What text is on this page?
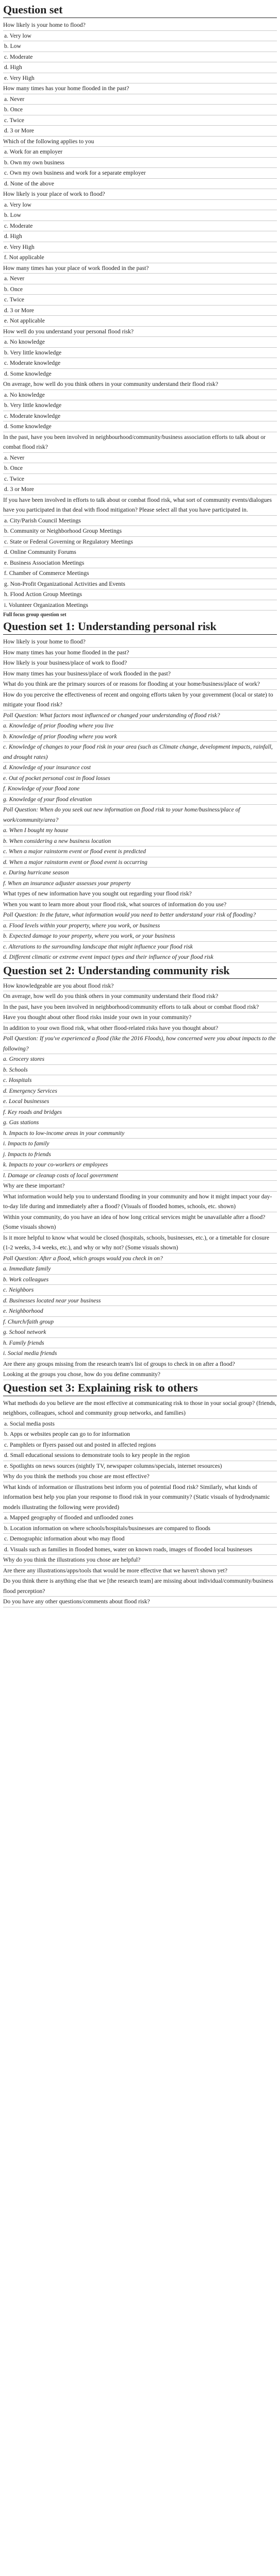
Question set
How likely is your home to flood?
a. Very low
b. Low
c. Moderate
d. High
e. Very High
How many times has your home flooded in the past?
a. Never
b. Once
c. Twice
d. 3 or More
Which of the following applies to you
a. Work for an employer
b. Own my own business
c. Own my own business and work for a separate employer
d. None of the above
How likely is your place of work to flood?
a. Very low
b. Low
c. Moderate
d. High
e. Very High
f. Not applicable
How many times has your place of work flooded in the past?
a. Never
b. Once
c. Twice
d. 3 or More
e. Not applicable
How well do you understand your personal flood risk?
a. No knowledge
b. Very little knowledge
c. Moderate knowledge
d. Some knowledge
On average, how well do you think others in your community understand their flood risk?
a. No knowledge
b. Very little knowledge
c. Moderate knowledge
d. Some knowledge
In the past, have you been involved in neighbourhood/community/business association efforts to talk about or combat flood risk?
a. Never
b. Once
c. Twice
d. 3 or More
If you have been involved in efforts to talk about or combat flood risk, what sort of community events/dialogues have you participated in that deal with flood mitigation? Please select all that you have participated in.
a. City/Parish Council Meetings
b. Community or Neighborhood Group Meetings
c. State or Federal Governing or Regulatory Meetings
d. Online Community Forums
e. Business Association Meetings
f. Chamber of Commerce Meetings
g. Non-Profit Organizational Activities and Events
h. Flood Action Group Meetings
i. Volunteer Organization Meetings
Full focus group question set
Question set 1: Understanding personal risk
How likely is your home to flood?
How many times has your home flooded in the past?
How likely is your business/place of work to flood?
How many times has your business/place of work flooded in the past?
What do you think are the primary sources of or reasons for flooding at your home/business/place of work?
How do you perceive the effectiveness of recent and ongoing efforts taken by your government (local or state) to mitigate your flood risk?
Poll Question: What factors most influenced or changed your understanding of flood risk?
a. Knowledge of prior flooding where you live
b. Knowledge of prior flooding where you work
c. Knowledge of changes to your flood risk in your area (such as Climate change, development impacts, rainfall, and drought rates)
d. Knowledge of your insurance cost
e. Out of pocket personal cost in flood losses
f. Knowledge of your flood zone
g. Knowledge of your flood elevation
Poll Question: When do you seek out new information on flood risk to your home/business/place of work/community/area?
a. When I bought my house
b. When considering a new business location
c. When a major rainstorm event or flood event is predicted
d. When a major rainstorm event or flood event is occurring
e. During hurricane season
f. When an insurance adjuster assesses your property
What types of new information have you sought out regarding your flood risk?
When you want to learn more about your flood risk, what sources of information do you use?
Poll Question: In the future, what information would you need to better understand your risk of flooding?
a. Flood levels within your property, where you work, or business
b. Expected damage to your property, where you work, or your business
c. Alterations to the surrounding landscape that might influence your flood risk
d. Different climatic or extreme event impact types and their influence of your flood risk
Question set 2: Understanding community risk
How knowledgeable are you about flood risk?
On average, how well do you think others in your community understand their flood risk?
In the past, have you been involved in neighborhood/community efforts to talk about or combat flood risk?
Have you thought about other flood risks inside your own in your community?
In addition to your own flood risk, what other flood-related risks have you thought about?
Poll Question: If you've experienced a flood (like the 2016 Floods), how concerned were you about impacts to the following?
a. Grocery stores
b. Schools
c. Hospitals
d. Emergency Services
e. Local businesses
f. Key roads and bridges
g. Gas stations
h. Impacts to low-income areas in your community
i. Impacts to family
j. Impacts to friends
k. Impacts to your co-workers or employees
l. Damage or cleanup costs of local government
Why are these important?
What information would help you to understand flooding in your community and how it might impact your day-to-day life during and immediately after a flood? (Visuals of flooded homes, schools, etc. shown)
Within your community, do you have an idea of how long critical services might be unavailable after a flood? (Some visuals shown)
Is it more helpful to know what would be closed (hospitals, schools, businesses, etc.), or a timetable for closure (1-2 weeks, 3-4 weeks, etc.), and why or why not? (Some visuals shown)
Poll Question: After a flood, which groups would you check in on?
a. Immediate family
b. Work colleagues
c. Neighbors
d. Businesses located near your business
e. Neighborhood
f. Church/faith group
g. School network
h. Family friends
i. Social media friends
Are there any groups missing from the research team's list of groups to check in on after a flood?
Looking at the groups you chose, how do you define community?
Question set 3: Explaining risk to others
What methods do you believe are the most effective at communicating risk to those in your social group? (friends, neighbors, colleagues, school and community group networks, and families)
a. Social media posts
b. Apps or websites people can go to for information
c. Pamphlets or flyers passed out and posted in affected regions
d. Small educational sessions to demonstrate tools to key people in the region
e. Spotlights on news sources (nightly TV, newspaper columns/specials, internet resources)
Why do you think the methods you chose are most effective?
What kinds of information or illustrations best inform you of potential flood risk? Similarly, what kinds of information best help you plan your response to flood risk in your community? (Static visuals of hydrodynamic models illustrating the following were provided)
a. Mapped geography of flooded and unflooded zones
b. Location information on where schools/hospitals/businesses are compared to floods
c. Demographic information about who may flood
d. Visuals such as families in flooded homes, water on known roads, images of flooded local businesses
Why do you think the illustrations you chose are helpful?
Are there any illustrations/apps/tools that would be more effective that we haven't shown yet?
Do you think there is anything else that we [the research team] are missing about individual/community/business flood perception?
Do you have any other questions/comments about flood risk?
